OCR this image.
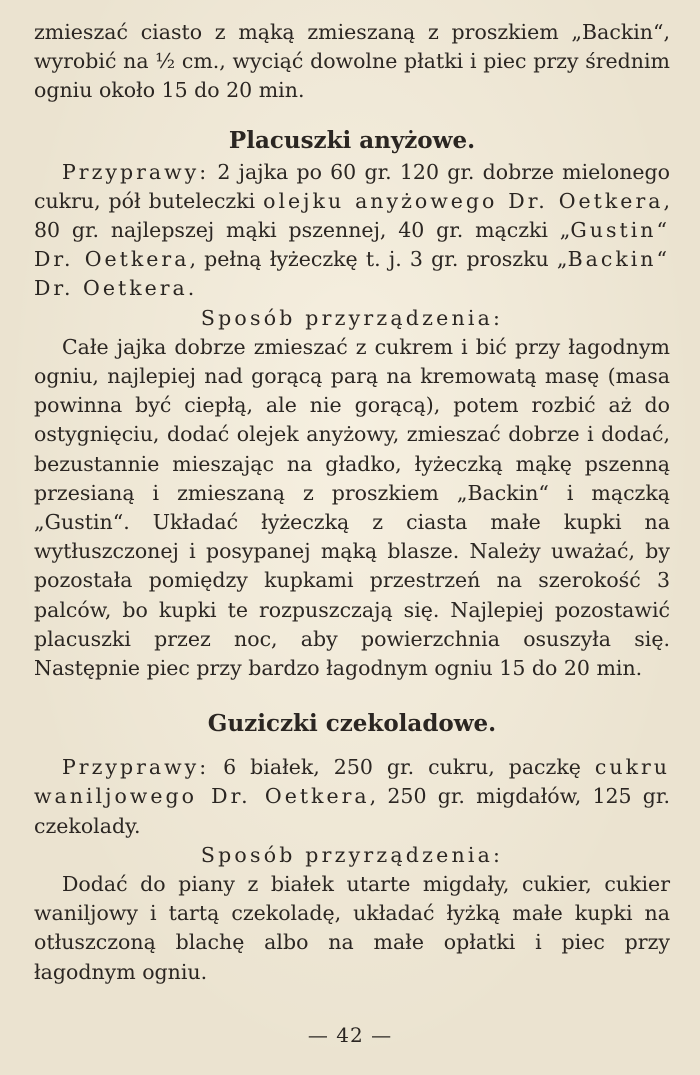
zmieszać ciasto z mąką zmieszaną z proszkiem „Backin“, wyrobić na ½ cm., wyciąć dowolne płatki i piec przy średnim ogniu około 15 do 20 min.

Placuszki anyżowe.

Przyprawy: 2 jajka po 60 gr. 120 gr. dobrze mielonego cukru, pół buteleczki olejku anyżowego Dr. Oetkera, 80 gr. najlepszej mąki pszennej, 40 gr. mączki „Gustin“ Dr. Oetkera, pełną łyżeczkę t. j. 3 gr. proszku „Backin“ Dr. Oetkera.

Sposób przyrządzenia:

Całe jajka dobrze zmieszać z cukrem i bić przy łagodnym ogniu, najlepiej nad gorącą parą na kremowatą masę (masa powinna być ciepłą, ale nie gorącą), potem rozbić aż do ostygnięciu, dodać olejek anyżowy, zmieszać dobrze i dodać, bezustannie mieszając na gładko, łyżeczką mąkę pszenną przesianą i zmieszaną z proszkiem „Backin“ i mączką „Gustin“. Układać łyżeczką z ciasta małe kupki na wytłuszczonej i posypanej mąką blasze. Należy uważać, by pozostała pomiędzy kupkami przestrzeń na szerokość 3 palców, bo kupki te rozpuszczają się. Najlepiej pozostawić placuszki przez noc, aby powierzchnia osuszyła się. Następnie piec przy bardzo łagodnym ogniu 15 do 20 min.

Guziczki czekoladowe.

Przyprawy: 6 białek, 250 gr. cukru, paczkę cukru waniljowego Dr. Oetkera, 250 gr. migdałów, 125 gr. czekolady.

Sposób przyrządzenia:

Dodać do piany z białek utarte migdały, cukier, cukier waniljowy i tartą czekoladę, układać łyżką małe kupki na otłuszczoną blachę albo na małe opłatki i piec przy łagodnym ogniu.

— 42 —
